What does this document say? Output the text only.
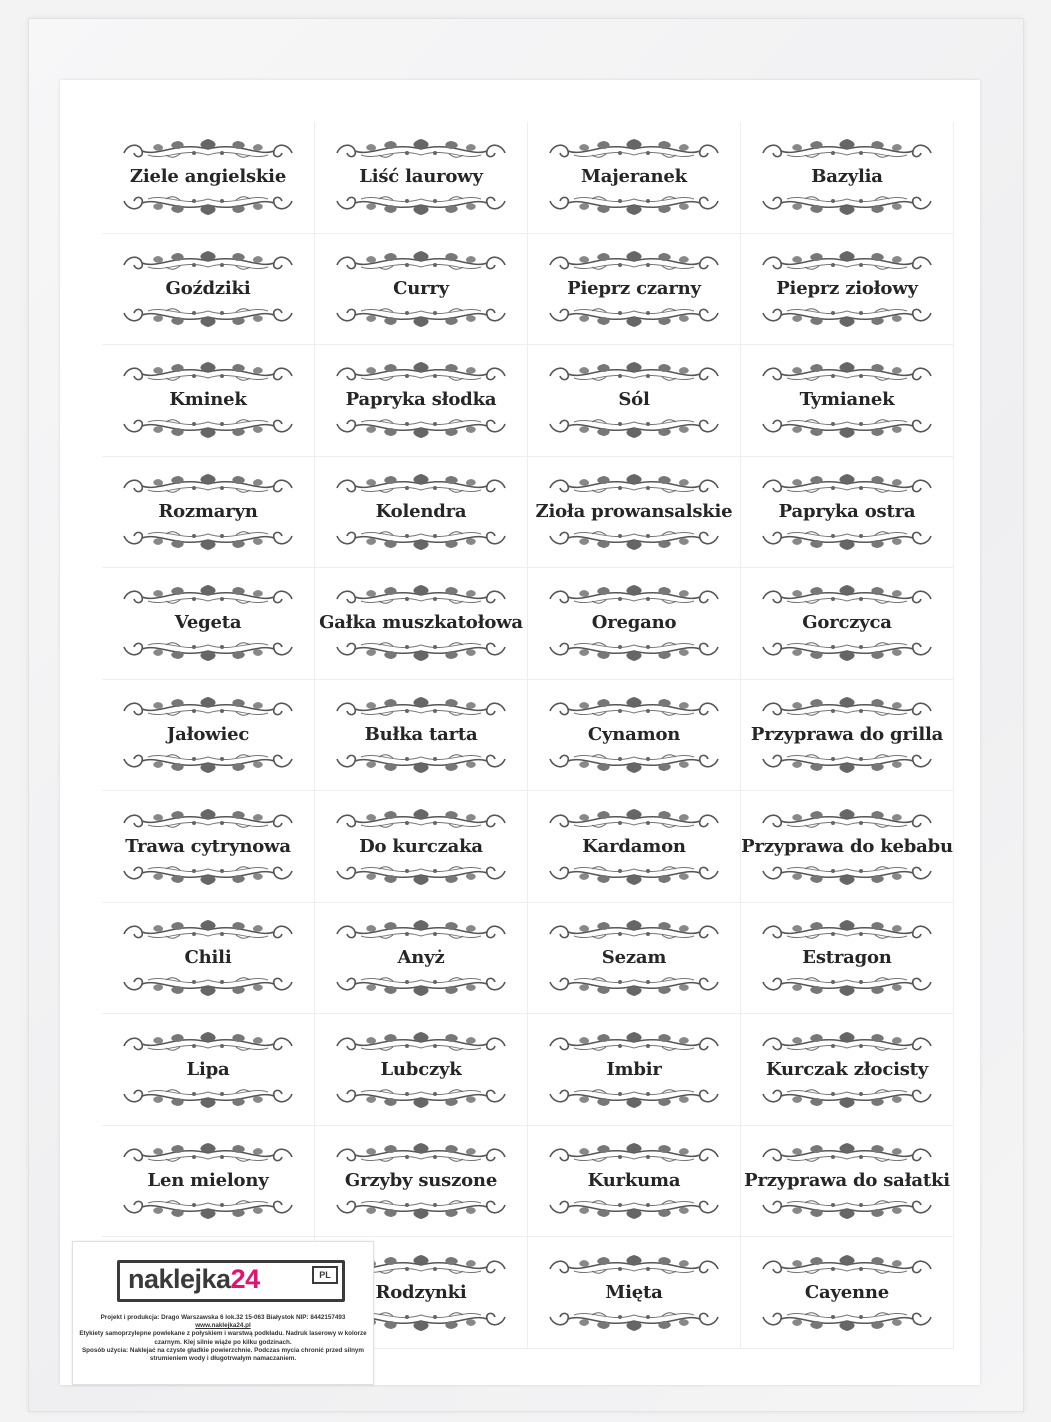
Ziele angielskie	Liść laurowy	Majeranek	Bazylia
Goździki	Curry	Pieprz czarny	Pieprz ziołowy
Kminek	Papryka słodka	Sól	Tymianek
Rozmaryn	Kolendra	Zioła prowansalskie	Papryka ostra
Vegeta	Gałka muszkatołowa	Oregano	Gorczyca
Jałowiec	Bułka tarta	Cynamon	Przyprawa do grilla
Trawa cytrynowa	Do kurczaka	Kardamon	Przyprawa do kebabu
Chili	Anyż	Sezam	Estragon
Lipa	Lubczyk	Imbir	Kurczak złocisty
Len mielony	Grzyby suszone	Kurkuma	Przyprawa do sałatki
Rodzynki	Mięta	Cayenne
naklejka24	PL
Projekt i produkcja: Drago Warszawska 6 lok.32 15-063 Białystok NIP: 8442157493
www.naklejka24.pl
Etykiety samoprzylepne powlekane z połyskiem i warstwą podkładu. Nadruk laserowy w kolorze czarnym. Klej silnie wiąże po kilku godzinach.
Sposób użycia: Naklejać na czyste gładkie powierzchnie. Podczas mycia chronić przed silnym strumieniem wody i długotrwałym namaczaniem.
